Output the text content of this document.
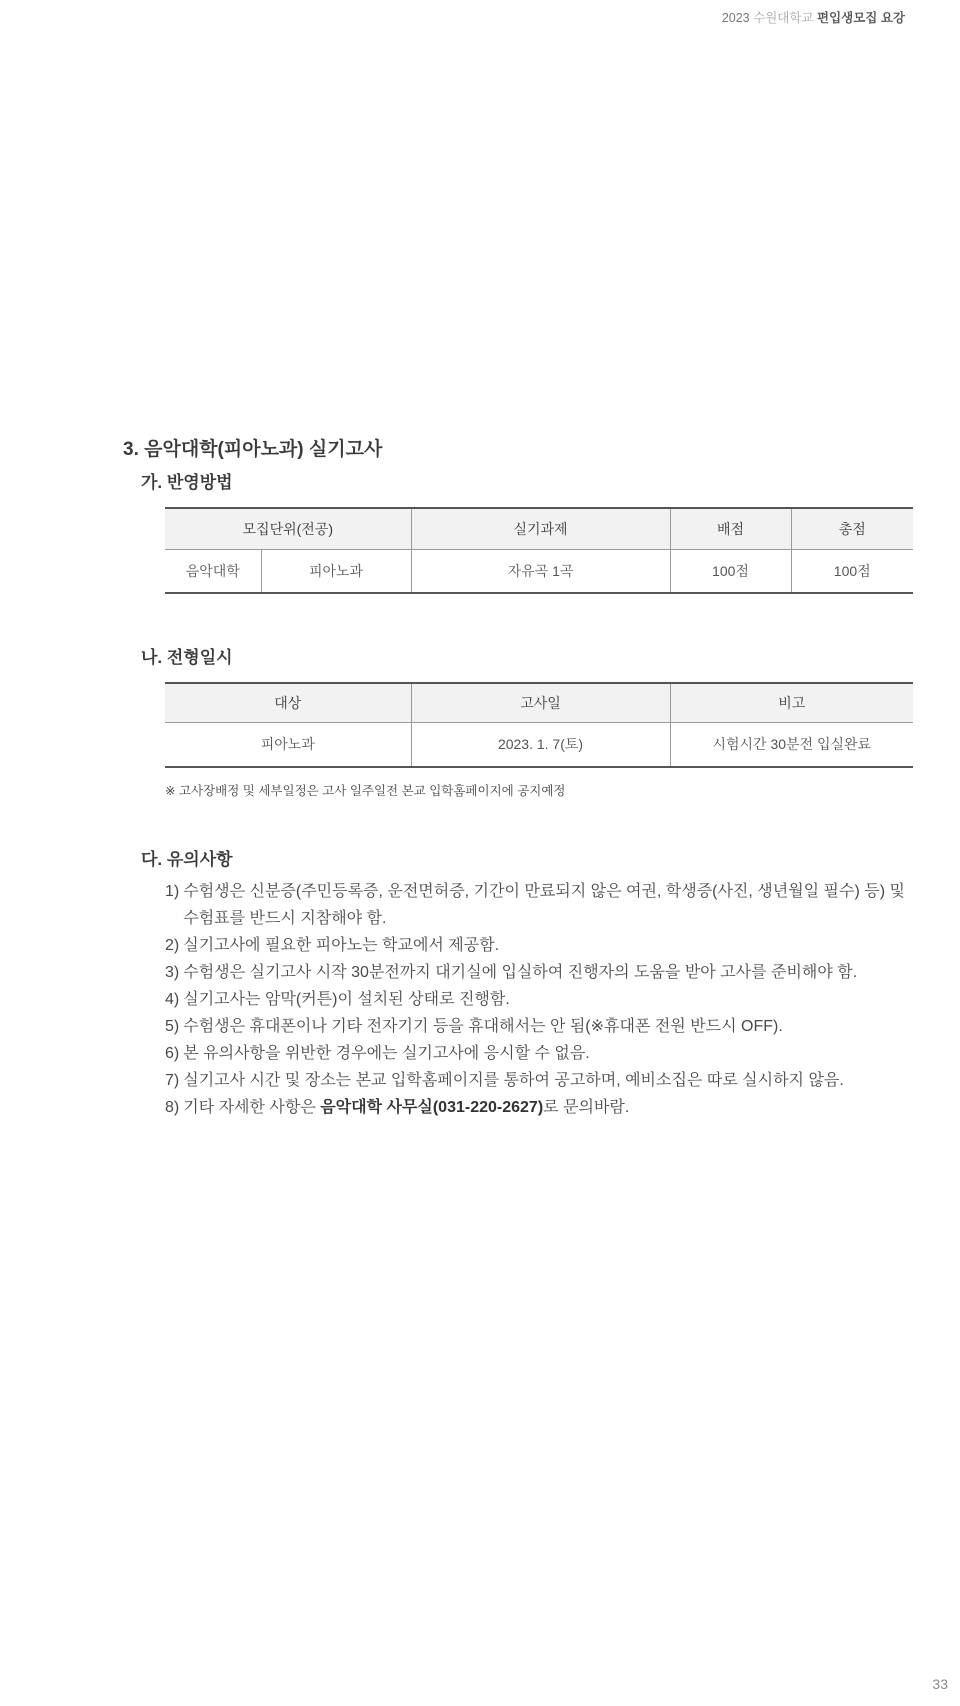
2023 수원대학교 편입생모집 요강
3. 음악대학(피아노과) 실기고사
가. 반영방법
모집단위(전공)		실기과제	배점	총점
음악대학	피아노과	자유곡 1곡	100점	100점
나. 전형일시
대상	고사일	비고
피아노과	2023. 1. 7(토)	시험시간 30분전 입실완료

※ 고사장배정 및 세부일정은 고사 일주일전 본교 입학홈페이지에 공지예정

다. 유의사항
1) 수험생은 신분증(주민등록증, 운전면허증, 기간이 만료되지 않은 여권, 학생증(사진, 생년월일 필수) 등) 및 수험표를 반드시 지참해야 함.
2) 실기고사에 필요한 피아노는 학교에서 제공함.
3) 수험생은 실기고사 시작 30분전까지 대기실에 입실하여 진행자의 도움을 받아 고사를 준비해야 함.
4) 실기고사는 암막(커튼)이 설치된 상태로 진행함.
5) 수험생은 휴대폰이나 기타 전자기기 등을 휴대해서는 안 됨(※휴대폰 전원 반드시 OFF).
6) 본 유의사항을 위반한 경우에는 실기고사에 응시할 수 없음.
7) 실기고사 시간 및 장소는 본교 입학홈페이지를 통하여 공고하며, 예비소집은 따로 실시하지 않음.
8) 기타 자세한 사항은 음악대학 사무실(031-220-2627)로 문의바람.
33
